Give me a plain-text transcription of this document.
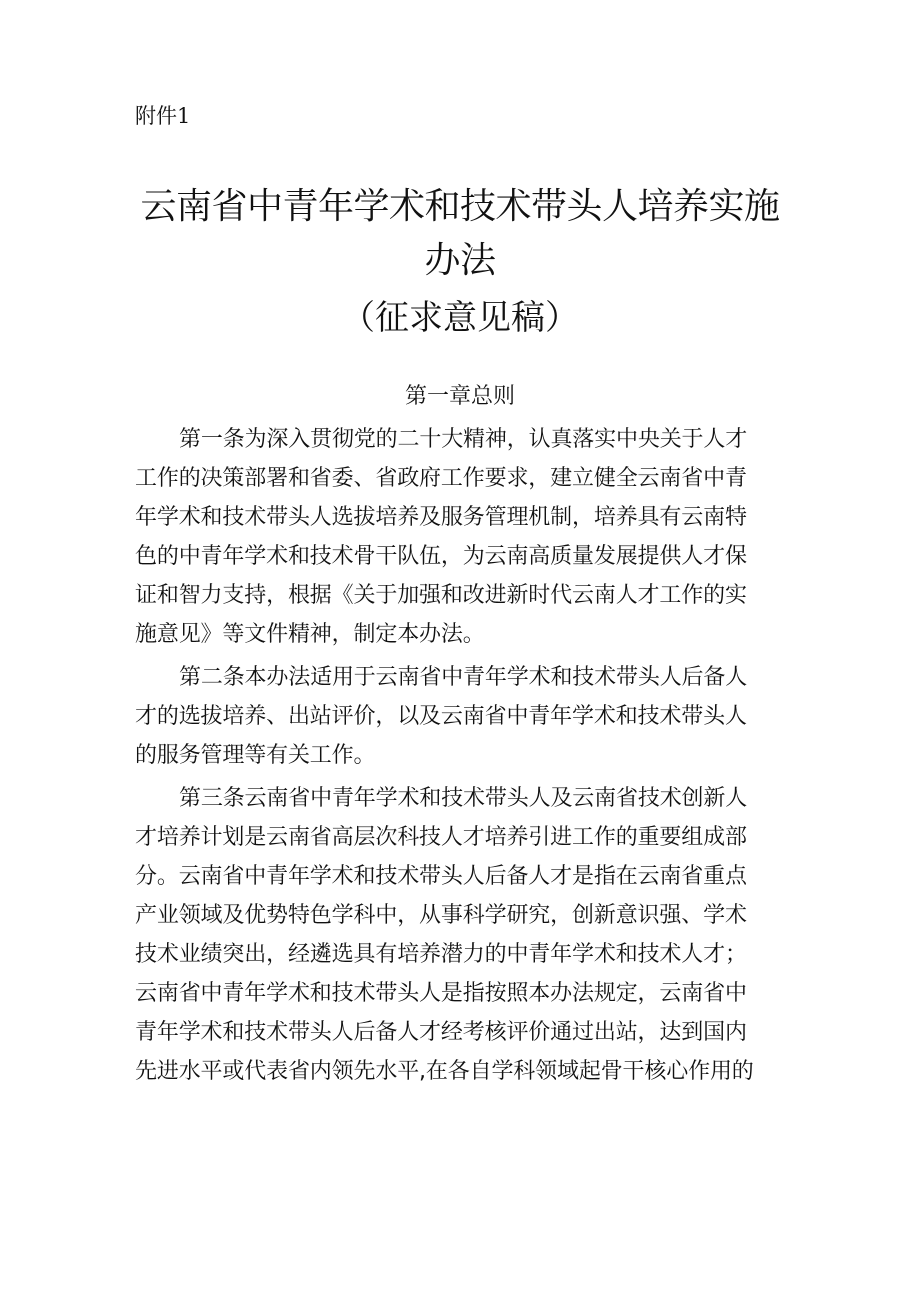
附件1
云南省中青年学术和技术带头人培养实施
办法
（征求意见稿）
第一章总则
第一条为深入贯彻党的二十大精神，认真落实中央关于人才
工作的决策部署和省委、省政府工作要求，建立健全云南省中青
年学术和技术带头人选拔培养及服务管理机制，培养具有云南特
色的中青年学术和技术骨干队伍，为云南高质量发展提供人才保
证和智力支持，根据《关于加强和改进新时代云南人才工作的实
施意见》等文件精神，制定本办法。
第二条本办法适用于云南省中青年学术和技术带头人后备人
才的选拔培养、出站评价，以及云南省中青年学术和技术带头人
的服务管理等有关工作。
第三条云南省中青年学术和技术带头人及云南省技术创新人
才培养计划是云南省高层次科技人才培养引进工作的重要组成部
分。云南省中青年学术和技术带头人后备人才是指在云南省重点
产业领域及优势特色学科中，从事科学研究，创新意识强、学术
技术业绩突出，经遴选具有培养潜力的中青年学术和技术人才；
云南省中青年学术和技术带头人是指按照本办法规定，云南省中
青年学术和技术带头人后备人才经考核评价通过出站，达到国内
先进水平或代表省内领先水平,在各自学科领域起骨干核心作用的
